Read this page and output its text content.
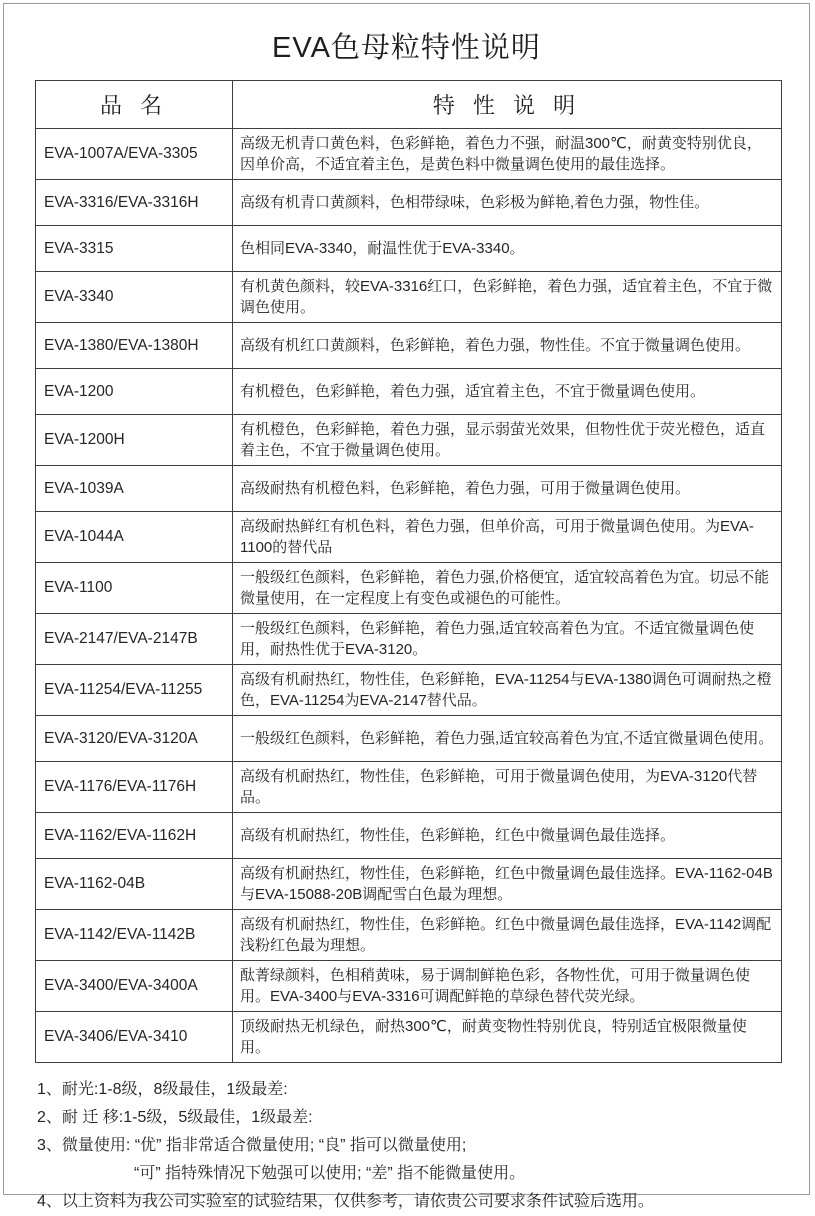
EVA色母粒特性说明
品 名	特 性 说 明
EVA-1007A/EVA-3305	高级无机青口黄色料，色彩鲜艳，着色力不强，耐温300℃，耐黄变特别优良，因单价高，不适宜着主色，是黄色料中微量调色使用的最佳选择。
EVA-3316/EVA-3316H	高级有机青口黄颜料，色相带绿味，色彩极为鲜艳,着色力强，物性佳。
EVA-3315	色相同EVA-3340，耐温性优于EVA-3340。
EVA-3340	有机黄色颜料，较EVA-3316红口，色彩鲜艳，着色力强，适宜着主色，不宜于微调色使用。
EVA-1380/EVA-1380H	高级有机红口黄颜料，色彩鲜艳，着色力强，物性佳。不宜于微量调色使用。
EVA-1200	有机橙色，色彩鲜艳，着色力强，适宜着主色，不宜于微量调色使用。
EVA-1200H	有机橙色，色彩鲜艳，着色力强，显示弱萤光效果，但物性优于荧光橙色，适直着主色，不宜于微量调色使用。
EVA-1039A	高级耐热有机橙色料，色彩鲜艳，着色力强，可用于微量调色使用。
EVA-1044A	高级耐热鲜红有机色料，着色力强，但单价高，可用于微量调色使用。为EVA-1100的替代品
EVA-1100	一般级红色颜料，色彩鲜艳，着色力强,价格便宜，适宜较高着色为宜。切忌不能微量使用，在一定程度上有变色或褪色的可能性。
EVA-2147/EVA-2147B	一般级红色颜料，色彩鲜艳，着色力强,适宜较高着色为宜。不适宜微量调色使用，耐热性优于EVA-3120。
EVA-11254/EVA-11255	高级有机耐热红，物性佳，色彩鲜艳，EVA-11254与EVA-1380调色可调耐热之橙色，EVA-11254为EVA-2147替代品。
EVA-3120/EVA-3120A	一般级红色颜料，色彩鲜艳，着色力强,适宜较高着色为宜,不适宜微量调色使用。
EVA-1176/EVA-1176H	高级有机耐热红，物性佳，色彩鲜艳，可用于微量调色使用，为EVA-3120代替品。
EVA-1162/EVA-1162H	高级有机耐热红，物性佳，色彩鲜艳，红色中微量调色最佳选择。
EVA-1162-04B	高级有机耐热红，物性佳，色彩鲜艳，红色中微量调色最佳选择。EVA-1162-04B与EVA-15088-20B调配雪白色最为理想。
EVA-1142/EVA-1142B	高级有机耐热红，物性佳，色彩鲜艳。红色中微量调色最佳选择，EVA-1142调配浅粉红色最为理想。
EVA-3400/EVA-3400A	酞菁绿颜料，色相稍黄味，易于调制鲜艳色彩，各物性优，可用于微量调色使用。EVA-3400与EVA-3316可调配鲜艳的草绿色替代荧光绿。
EVA-3406/EVA-3410	顶级耐热无机绿色，耐热300℃，耐黄变物性特别优良，特别适宜极限微量使用。
1、耐光:1-8级，8级最佳，1级最差:
2、耐 迁 移:1-5级，5级最佳，1级最差:
3、微量使用: “优” 指非常适合微量使用; “良” 指可以微量使用;
“可” 指特殊情况下勉强可以使用; “差” 指不能微量使用。
4、以上资料为我公司实验室的试验结果，仅供参考，请依贵公司要求条件试验后选用。
